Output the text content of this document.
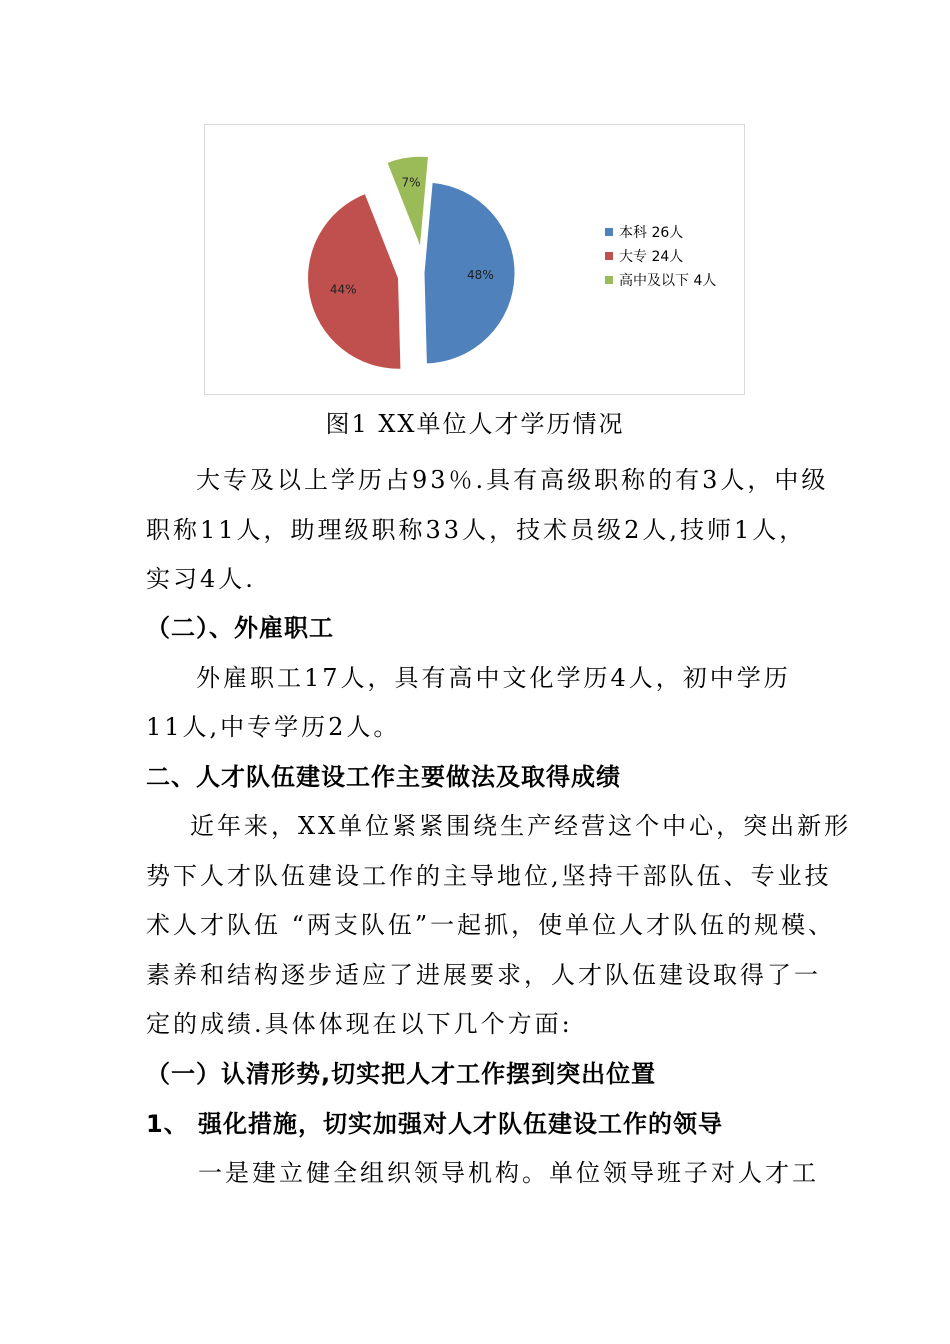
48%
44%
7%
本科 26人
大专 24人
高中及以下 4人
图1 XX单位人才学历情况
大专及以上学历占93％.具有高级职称的有3人，中级
职称11人，助理级职称33人，技术员级2人,技师1人，
实习4人.
（二）、外雇职工
外雇职工17人，具有高中文化学历4人，初中学历
11人,中专学历2人。
二、人才队伍建设工作主要做法及取得成绩
近年来，XX单位紧紧围绕生产经营这个中心，突出新形
势下人才队伍建设工作的主导地位,坚持干部队伍、专业技
术人才队伍 “两支队伍”一起抓，使单位人才队伍的规模、
素养和结构逐步适应了进展要求，人才队伍建设取得了一
定的成绩.具体体现在以下几个方面:
（一）认清形势,切实把人才工作摆到突出位置
1、 强化措施，切实加强对人才队伍建设工作的领导
一是建立健全组织领导机构。单位领导班子对人才工
